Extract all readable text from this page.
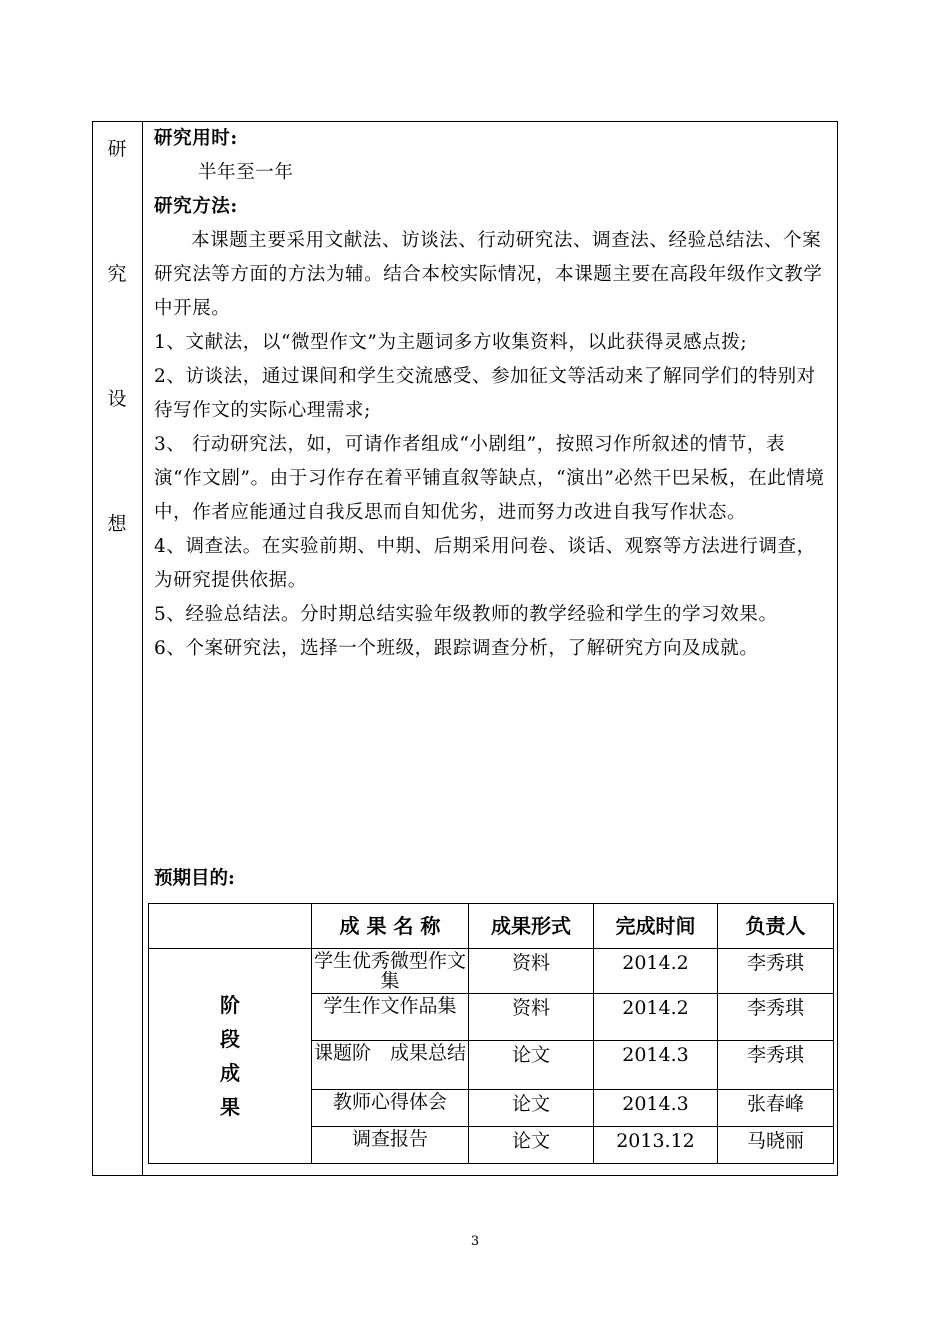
研
究
设
想

研究用时:

半年至一年

研究方法:

本课题主要采用文献法、访谈法、行动研究法、调查法、经验总结法、个案研究法等方面的方法为辅。结合本校实际情况，本课题主要在高段年级作文教学中开展。

1、文献法，以“微型作文”为主题词多方收集资料，以此获得灵感点拨;

2、访谈法，通过课间和学生交流感受、参加征文等活动来了解同学们的特别对待写作文的实际心理需求;

3、 行动研究法，如，可请作者组成“小剧组”，按照习作所叙述的情节，表演“作文剧”。由于习作存在着平铺直叙等缺点，“演出”必然干巴呆板，在此情境中，作者应能通过自我反思而自知优劣，进而努力改进自我写作状态。

4、调查法。在实验前期、中期、后期采用问卷、谈话、观察等方法进行调查，为研究提供依据。

5、经验总结法。分时期总结实验年级教师的教学经验和学生的学习效果。

6、个案研究法，选择一个班级，跟踪调查分析，了解研究方向及成就。

预期目的:
	成 果 名 称	成果形式	完成时间	负责人

阶
段
成
果	学生优秀微型作文集	资料	2014.2	李秀琪
	学生作文作品集	资料	2014.2	李秀琪
	课题阶　成果总结	论文	2014.3	李秀琪
	教师心得体会	论文	2014.3	张春峰
	调查报告	论文	2013.12	马晓丽
3
